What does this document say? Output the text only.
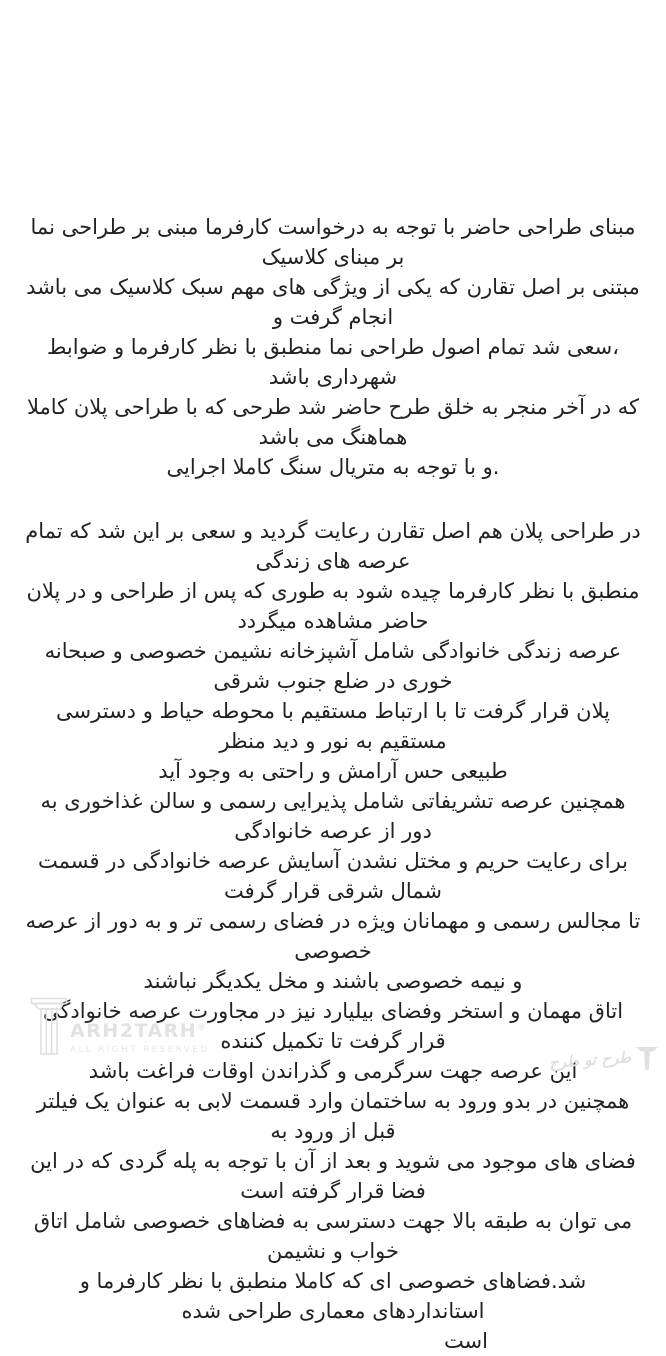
مبنای طراحی حاضر با توجه به درخواست کارفرما مبنی بر طراحی نما بر مبنای کلاسیک
مبتنی بر اصل تقارن که یکی از ویژگی های مهم سبک کلاسیک می باشد انجام گرفت و
،سعی شد تمام اصول طراحی نما منطبق با نظر کارفرما و ضوابط شهرداری باشد
که در آخر منجر به خلق طرح حاضر شد طرحی که با طراحی پلان کاملا هماهنگ می باشد
.و با توجه به متریال سنگ کاملا اجرایی
در طراحی پلان هم اصل تقارن رعایت گردید و سعی بر این شد که تمام عرصه های زندگی
منطبق با نظر کارفرما چیده شود به طوری که پس از طراحی و در پلان حاضر مشاهده میگردد
عرصه زندگی خانوادگی شامل آشپزخانه نشیمن خصوصی و صبحانه خوری در ضلع جنوب شرقی
پلان قرار گرفت تا با ارتباط مستقیم با محوطه حیاط و دسترسی مستقیم به نور و دید منظر
طبیعی حس آرامش و راحتی به وجود آید
همچنین عرصه تشریفاتی شامل پذیرایی رسمی و سالن غذاخوری به دور از عرصه خانوادگی
برای رعایت حریم و مختل نشدن آسایش عرصه خانوادگی در قسمت شمال شرقی قرار گرفت
تا مجالس رسمی و مهمانان ویژه در فضای رسمی تر و به دور از عرصه خصوصی
و نیمه خصوصی باشند و مخل یکدیگر نباشند
اتاق مهمان و استخر وفضای بیلیارد نیز در مجاورت عرصه خانوادگی قرار گرفت تا تکمیل کننده
این عرصه جهت سرگرمی و گذراندن اوقات فراغت باشد
همچنین در بدو ورود به ساختمان وارد قسمت لابی به عنوان یک فیلتر قبل از ورود به
فضای های موجود می شوید و بعد از آن با توجه به پله گردی که در این فضا قرار گرفته است
می توان به طبقه بالا جهت دسترسی به فضاهای خصوصی شامل اتاق خواب و نشیمن
شد.فضاهای خصوصی ای که کاملا منطبق با نظر کارفرما و استانداردهای معماری طراحی شده
است
ARH2TARH®
ALL RIGHT RESERVED	طرح تو طرح
